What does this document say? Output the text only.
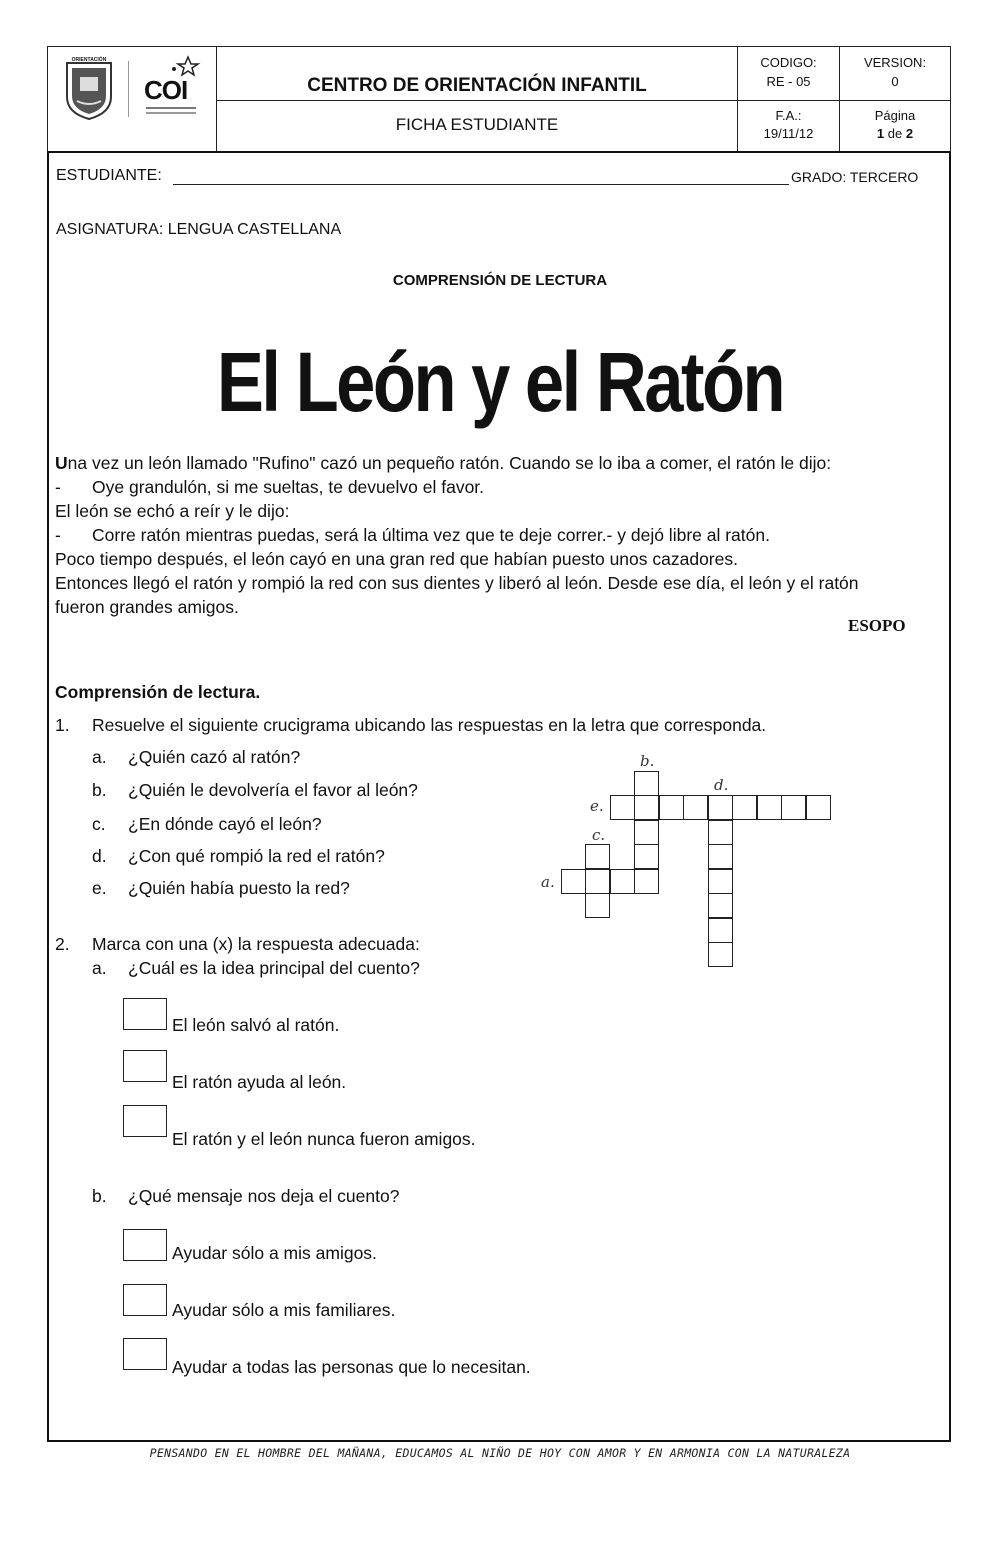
ORIENTACIÓN
COI	CENTRO DE ORIENTACIÓN INFANTIL
FICHA ESTUDIANTE
CODIGO:
RE - 05
VERSION:
0
F.A.:
19/11/12
Página
1 de 2
ESTUDIANTE:	GRADO: TERCERO
ASIGNATURA: LENGUA CASTELLANA
COMPRENSIÓN DE LECTURA
El León y el Ratón
Una vez un león llamado "Rufino" cazó un pequeño ratón. Cuando se lo iba a comer, el ratón le dijo:
- Oye grandulón, si me sueltas, te devuelvo el favor.
El león se echó a reír y le dijo:
- Corre ratón mientras puedas, será la última vez que te deje correr.- y dejó libre al ratón.
Poco tiempo después, el león cayó en una gran red que habían puesto unos cazadores.
Entonces llegó el ratón y rompió la red con sus dientes y liberó al león. Desde ese día, el león y el ratón
fueron grandes amigos.
ESOPO
Comprensión de lectura.
1. Resuelve el siguiente crucigrama ubicando las respuestas en la letra que corresponda.
a. ¿Quién cazó al ratón?
b. ¿Quién le devolvería el favor al león?
c. ¿En dónde cayó el león?
d. ¿Con qué rompió la red el ratón?
e. ¿Quién había puesto la red?
b.
d.
e.
c.
a.
2. Marca con una (x) la respuesta adecuada:
a. ¿Cuál es la idea principal del cuento?
El león salvó al ratón.
El ratón ayuda al león.
El ratón y el león nunca fueron amigos.
b. ¿Qué mensaje nos deja el cuento?
Ayudar sólo a mis amigos.
Ayudar sólo a mis familiares.
Ayudar a todas las personas que lo necesitan.
PENSANDO EN EL HOMBRE DEL MAÑANA, EDUCAMOS AL NIÑO DE HOY CON AMOR Y EN ARMONIA CON LA NATURALEZA
